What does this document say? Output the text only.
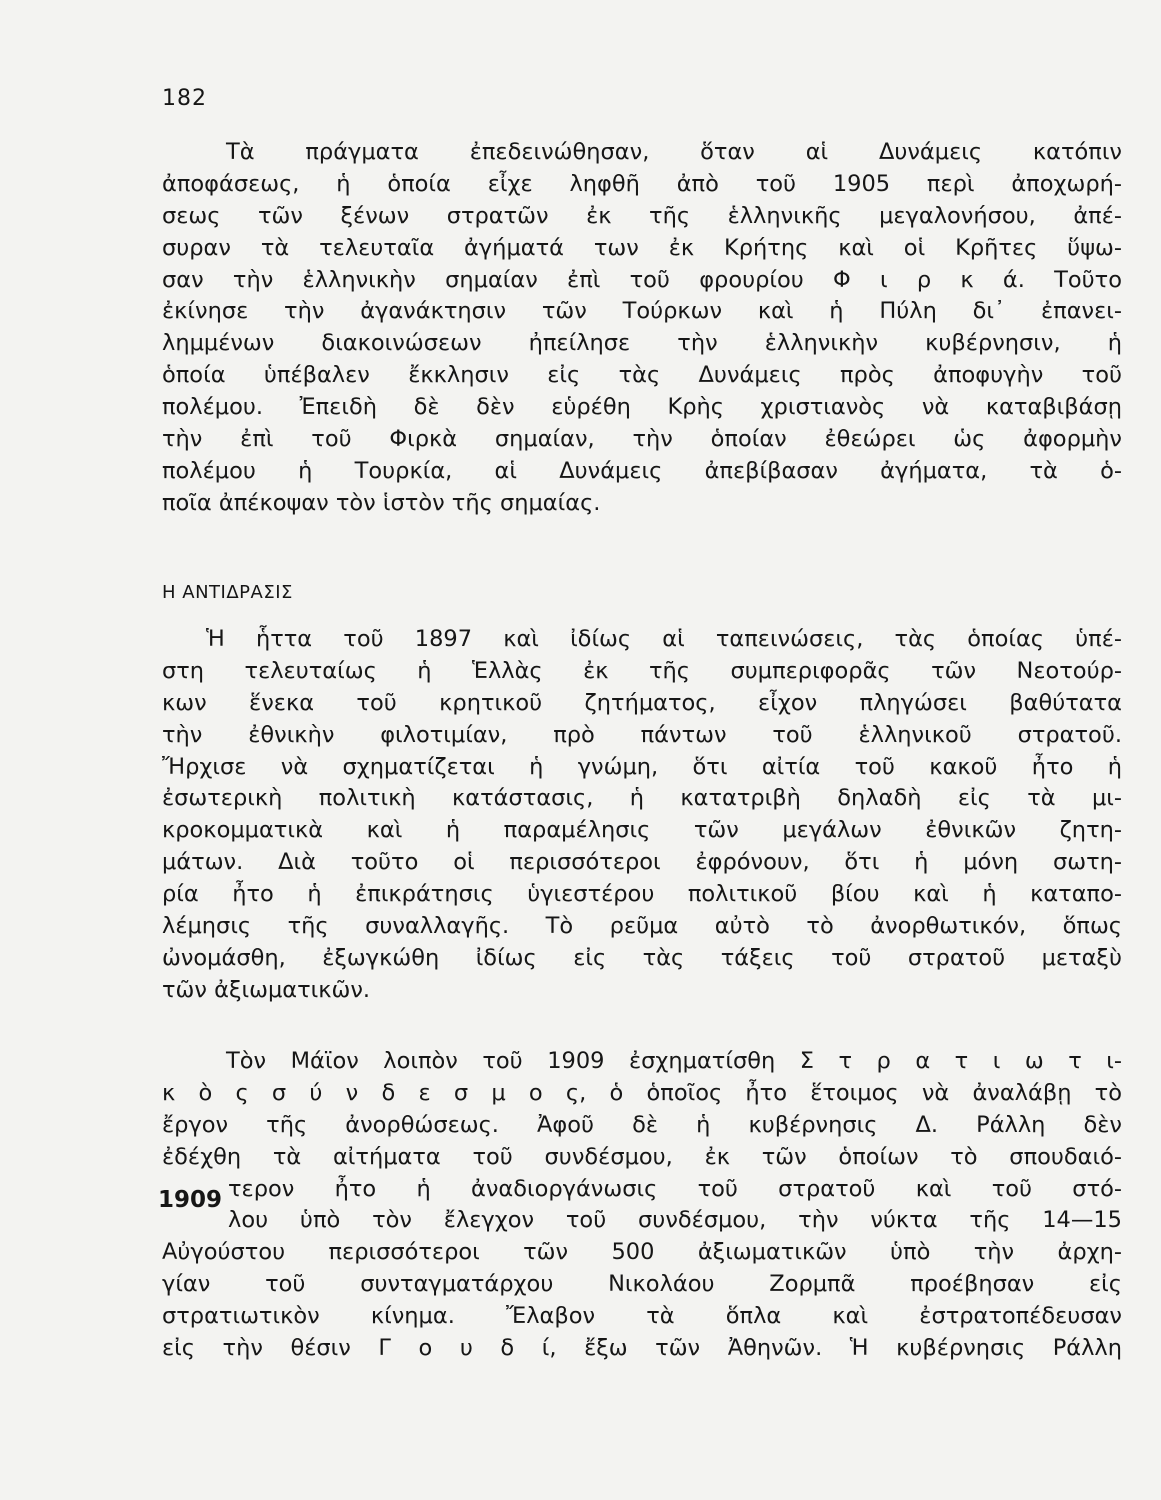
182
Τὰ πράγματα ἐπεδεινώθησαν, ὅταν αἱ Δυνάμεις κατόπιν
ἀποφάσεως, ἡ ὁποία εἶχε ληφθῆ ἀπὸ τοῦ 1905 περὶ ἀποχωρή-
σεως τῶν ξένων στρατῶν ἐκ τῆς ἑλληνικῆς μεγαλονήσου, ἀπέ-
συραν τὰ τελευταῖα ἀγήματά των ἐκ Κρήτης καὶ οἱ Κρῆτες ὕψω-
σαν τὴν ἑλληνικὴν σημαίαν ἐπὶ τοῦ φρουρίου Φ ι ρ κ ά. Τοῦτο
ἐκίνησε τὴν ἀγανάκτησιν τῶν Τούρκων καὶ ἡ Πύλη δι᾿ ἐπανει-
λημμένων διακοινώσεων ἠπείλησε τὴν ἑλληνικὴν κυβέρνησιν, ἡ
ὁποία ὑπέβαλεν ἔκκλησιν εἰς τὰς Δυνάμεις πρὸς ἀποφυγὴν τοῦ
πολέμου. Ἐπειδὴ δὲ δὲν εὑρέθη Κρὴς χριστιανὸς νὰ καταβιβάσῃ
τὴν ἐπὶ τοῦ Φιρκὰ σημαίαν, τὴν ὁποίαν ἐθεώρει ὡς ἀφορμὴν
πολέμου ἡ Τουρκία, αἱ Δυνάμεις ἀπεβίβασαν ἀγήματα, τὰ ὁ-
ποῖα ἀπέκοψαν τὸν ἱστὸν τῆς σημαίας.
Η ΑΝΤΙΔΡΑΣΙΣ
Ἡ ἧττα τοῦ 1897 καὶ ἰδίως αἱ ταπεινώσεις, τὰς ὁποίας ὑπέ-
στη τελευταίως ἡ Ἑλλὰς ἐκ τῆς συμπεριφορᾶς τῶν Νεοτούρ-
κων ἕνεκα τοῦ κρητικοῦ ζητήματος, εἶχον πληγώσει βαθύτατα
τὴν ἐθνικὴν φιλοτιμίαν, πρὸ πάντων τοῦ ἑλληνικοῦ στρατοῦ.
Ἤρχισε νὰ σχηματίζεται ἡ γνώμη, ὅτι αἰτία τοῦ κακοῦ ἦτο ἡ
ἐσωτερικὴ πολιτικὴ κατάστασις, ἡ κατατριβὴ δηλαδὴ εἰς τὰ μι-
κροκομματικὰ καὶ ἡ παραμέλησις τῶν μεγάλων ἐθνικῶν ζητη-
μάτων. Διὰ τοῦτο οἱ περισσότεροι ἐφρόνουν, ὅτι ἡ μόνη σωτη-
ρία ἦτο ἡ ἐπικράτησις ὑγιεστέρου πολιτικοῦ βίου καὶ ἡ καταπο-
λέμησις τῆς συναλλαγῆς. Τὸ ρεῦμα αὐτὸ τὸ ἀνορθωτικόν, ὅπως
ὠνομάσθη, ἐξωγκώθη ἰδίως εἰς τὰς τάξεις τοῦ στρατοῦ μεταξὺ
τῶν ἀξιωματικῶν.
Τὸν Μάϊον λοιπὸν τοῦ 1909 ἐσχηματίσθη Σ τ ρ α τ ι ω τ ι-
κ ὸ ς σ ύ ν δ ε σ μ ο ς, ὁ ὁποῖος ἦτο ἕτοιμος νὰ ἀναλάβῃ τὸ
ἔργον τῆς ἀνορθώσεως. Ἀφοῦ δὲ ἡ κυβέρνησις Δ. Ράλλη δὲν
ἐδέχθη τὰ αἰτήματα τοῦ συνδέσμου, ἐκ τῶν ὁποίων τὸ σπουδαιό-
τερον ἦτο ἡ ἀναδιοργάνωσις τοῦ στρατοῦ καὶ τοῦ στό-
λου ὑπὸ τὸν ἔλεγχον τοῦ συνδέσμου, τὴν νύκτα τῆς 14—15
Αὐγούστου περισσότεροι τῶν 500 ἀξιωματικῶν ὑπὸ τὴν ἀρχη-
γίαν τοῦ συνταγματάρχου Νικολάου Ζορμπᾶ προέβησαν εἰς
στρατιωτικὸν κίνημα. Ἔλαβον τὰ ὅπλα καὶ ἐστρατοπέδευσαν
εἰς τὴν θέσιν Γ ο υ δ ί, ἔξω τῶν Ἀθηνῶν. Ἡ κυβέρνησις Ράλλη
1909
